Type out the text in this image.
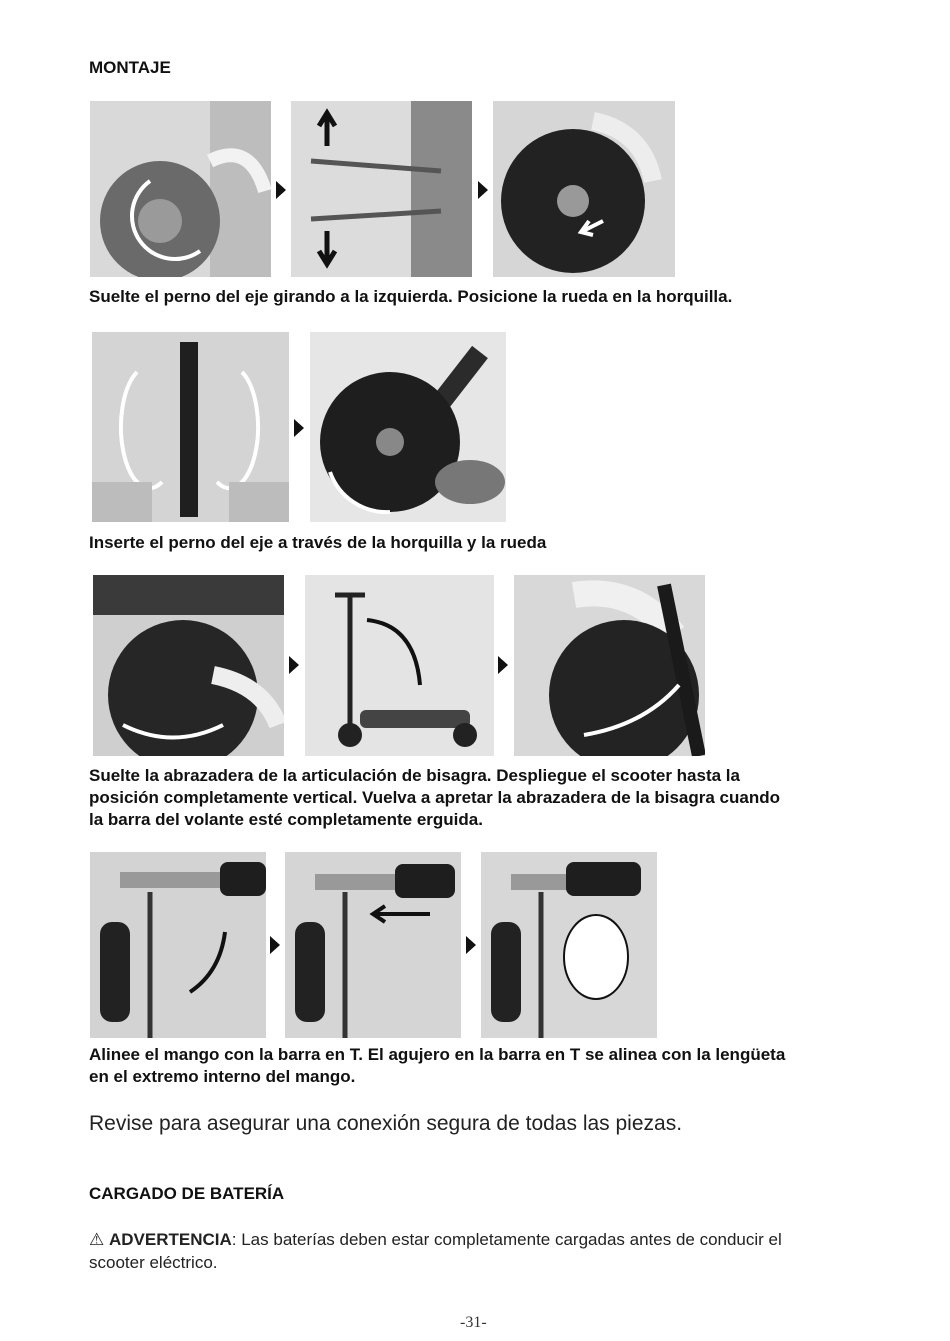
MONTAJE
Suelte el perno del eje girando a la izquierda. Posicione la rueda en la horquilla.
Inserte el perno del eje a través de la horquilla y la rueda
Suelte la abrazadera de la articulación de bisagra. Despliegue el scooter hasta la
posición completamente vertical. Vuelva a apretar la abrazadera de la bisagra cuando
la barra del volante esté completamente erguida.
Alinee el mango con la barra en T. El agujero en la barra en T se alinea con la lengüeta
en el extremo interno del mango.
Revise para asegurar una conexión segura de todas las piezas.
CARGADO DE BATERÍA
⚠ ADVERTENCIA: Las baterías deben estar completamente cargadas antes de conducir el
scooter eléctrico.
-31-
